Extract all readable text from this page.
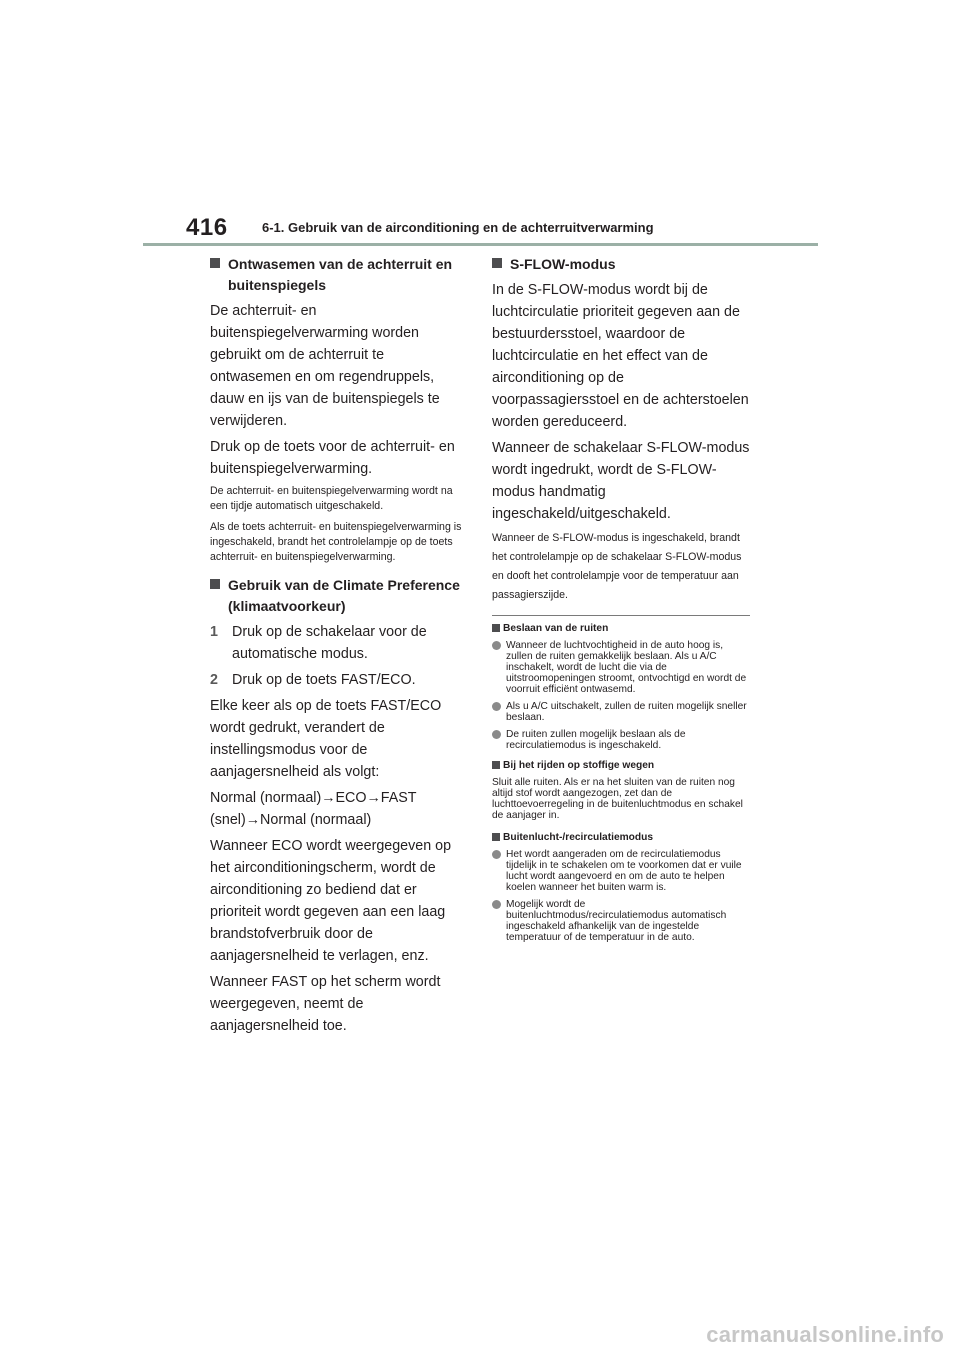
416	6-1. Gebruik van de airconditioning en de achterruitverwarming
Ontwasemen van de achterruit en buitenspiegels

De achterruit- en buitenspiegelverwarming worden gebruikt om de achterruit te ontwasemen en om regendruppels, dauw en ijs van de buitenspiegels te verwijderen.

Druk op de toets voor de achterruit- en buitenspiegelverwarming.

De achterruit- en buitenspiegelverwarming wordt na een tijdje automatisch uitgeschakeld.

Als de toets achterruit- en buitenspiegelverwarming is ingeschakeld, brandt het controlelampje op de toets achterruit- en buitenspiegelverwarming.

Gebruik van de Climate Preference (klimaatvoorkeur)
1 Druk op de schakelaar voor de automatische modus.
2 Druk op de toets FAST/ECO.

Elke keer als op de toets FAST/ECO wordt gedrukt, verandert de instellingsmodus voor de aanjagersnelheid als volgt:

Normal (normaal)→ECO→FAST (snel)→Normal (normaal)

Wanneer ECO wordt weergegeven op het airconditioningscherm, wordt de airconditioning zo bediend dat er prioriteit wordt gegeven aan een laag brandstofverbruik door de aanjagersnelheid te verlagen, enz.

Wanneer FAST op het scherm wordt weergegeven, neemt de aanjagersnelheid toe.

S-FLOW-modus

In de S-FLOW-modus wordt bij de luchtcirculatie prioriteit gegeven aan de bestuurdersstoel, waardoor de luchtcirculatie en het effect van de airconditioning op de voorpassagiersstoel en de achterstoelen worden gereduceerd.

Wanneer de schakelaar S-FLOW-modus wordt ingedrukt, wordt de S-FLOW-modus handmatig ingeschakeld/uitgeschakeld.

Wanneer de S-FLOW-modus is ingeschakeld, brandt het controlelampje op de schakelaar S-FLOW-modus en dooft het controlelampje voor de temperatuur aan passagierszijde.

Beslaan van de ruiten
Wanneer de luchtvochtigheid in de auto hoog is, zullen de ruiten gemakkelijk beslaan. Als u A/C inschakelt, wordt de lucht die via de uitstroomopeningen stroomt, ontvochtigd en wordt de voorruit efficiënt ontwasemd.
Als u A/C uitschakelt, zullen de ruiten mogelijk sneller beslaan.
De ruiten zullen mogelijk beslaan als de recirculatiemodus is ingeschakeld.
Bij het rijden op stoffige wegen

Sluit alle ruiten. Als er na het sluiten van de ruiten nog altijd stof wordt aangezogen, zet dan de luchttoevoerregeling in de buitenluchtmodus en schakel de aanjager in.

Buitenlucht-/recirculatiemodus
Het wordt aangeraden om de recirculatiemodus tijdelijk in te schakelen om te voorkomen dat er vuile lucht wordt aangevoerd en om de auto te helpen koelen wanneer het buiten warm is.
Mogelijk wordt de buitenluchtmodus/recirculatiemodus automatisch ingeschakeld afhankelijk van de ingestelde temperatuur of de temperatuur in de auto.
carmanualsonline.info
